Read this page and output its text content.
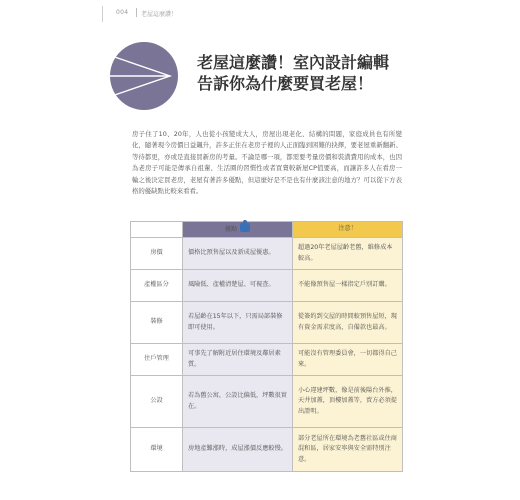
004 老屋這麼讚！
老屋這麼讚！室內設計編輯
告訴你為什麼要買老屋！
房子住了10、20年，人也從小孩變成大人，房屋出現老化、結構的問題，家庭成員也有所變化，隨著現今房價日益飆升，許多正住在老房子裡的人正面臨到困難的抉擇，要老屋重新翻新、等待都更，亦或是直接買新房的考量。不論是哪一項，都需要考量房價和裝潢費用的成本，也因為老房子可能是傳承自祖輩、生活圈的習慣性或者買賣較新屋CP值要高，而讓許多人在看房一輪之後決定買老房，老屋有著許多優點，但這麼好是不是也有什麼該注意的地方？可以從下方表格的優缺點比較來看看。
	優點	注意！
房價	價格比預售屋以及新成屋優惠。	超過20年老屋屋齡老舊，維修成本較高。
產權區分	風險低、產權清楚屋、可視查。	不能像預售屋一樣指定戶別訂購。
裝修	若屋齡在15年以下，只需局部裝修即可使用。	從簽約到交屋的時間較預售屋短，現有資金需求度高，自備款也最高。
住戶管理	可事先了解附近居住環境及鄰居素質。	可能沒有管理委員會，一切都得自己來。
公設	若為舊公寓，公設比偏低，坪數很實在。	小心違建坪數，像是前後陽台外推，天井加蓋，頂樓加蓋等，賣方必須提出證明。
環境	房地產難漲時，成屋漲價反應較慢。	部分老屋所在環境為老舊社區或住商混和區，居家安寧與安全需特別注意。
